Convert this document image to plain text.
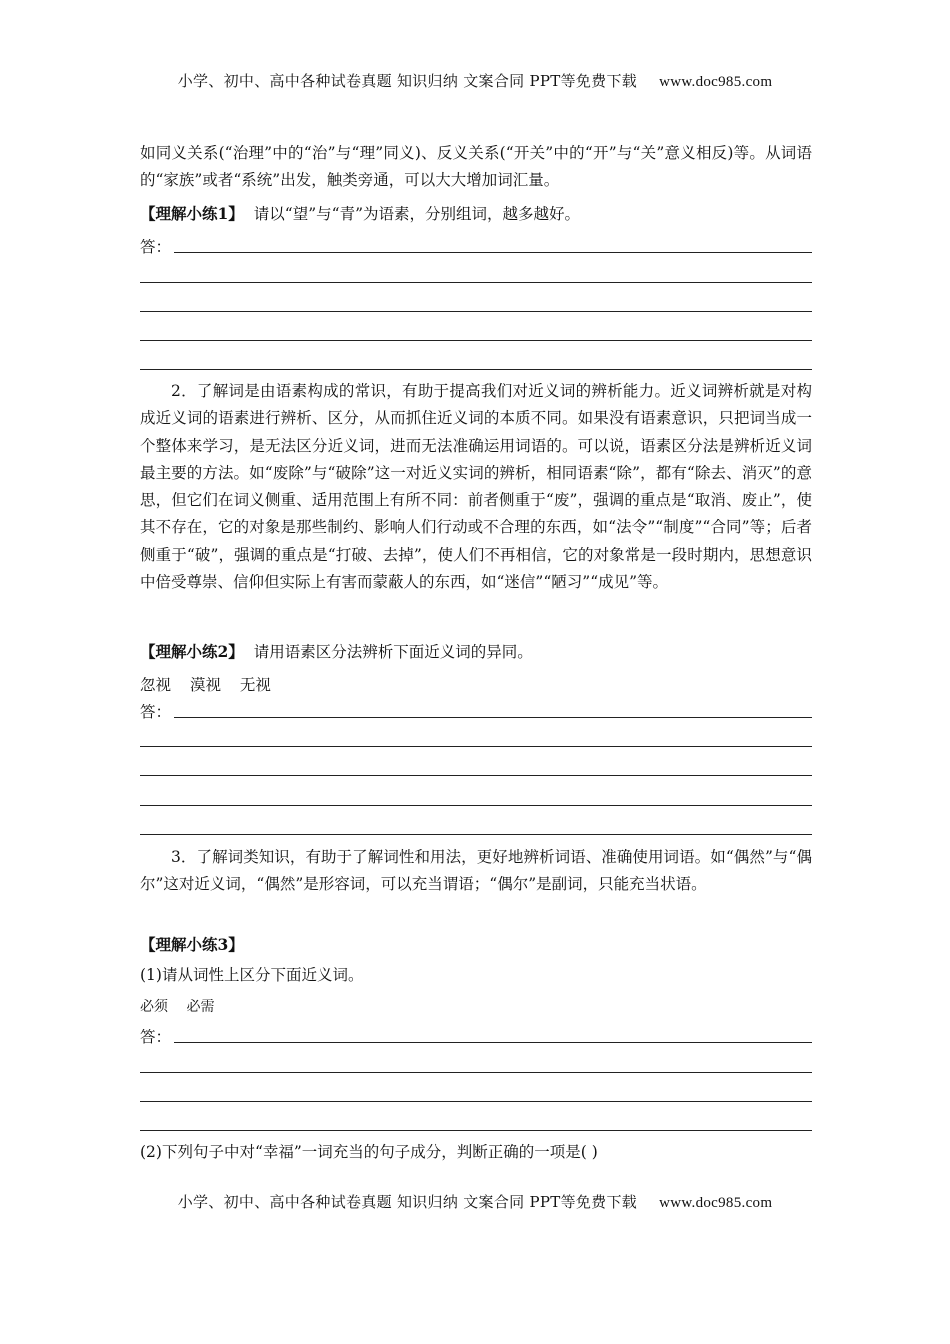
小学、初中、高中各种试卷真题 知识归纳 文案合同 PPT等免费下载 www.doc985.com
如同义关系(“治理”中的“治”与“理”同义)、反义关系(“开关”中的“开”与“关”意义相反)等。从词语的“家族”或者“系统”出发，触类旁通，可以大大增加词汇量。
【理解小练1】 请以“望”与“青”为语素，分别组词，越多越好。
答：
2．了解词是由语素构成的常识，有助于提高我们对近义词的辨析能力。近义词辨析就是对构成近义词的语素进行辨析、区分，从而抓住近义词的本质不同。如果没有语素意识，只把词当成一个整体来学习，是无法区分近义词，进而无法准确运用词语的。可以说，语素区分法是辨析近义词最主要的方法。如“废除”与“破除”这一对近义实词的辨析，相同语素“除”，都有“除去、消灭”的意思，但它们在词义侧重、适用范围上有所不同：前者侧重于“废”，强调的重点是“取消、废止”，使其不存在，它的对象是那些制约、影响人们行动或不合理的东西，如“法令”“制度”“合同”等；后者侧重于“破”，强调的重点是“打破、去掉”，使人们不再相信，它的对象常是一段时期内，思想意识中倍受尊崇、信仰但实际上有害而蒙蔽人的东西，如“迷信”“陋习”“成见”等。
【理解小练2】 请用语素区分法辨析下面近义词的异同。
忽视 漠视 无视
答：
3．了解词类知识，有助于了解词性和用法，更好地辨析词语、准确使用词语。如“偶然”与“偶尔”这对近义词，“偶然”是形容词，可以充当谓语；“偶尔”是副词，只能充当状语。
【理解小练3】
(1)请从词性上区分下面近义词。
必须 必需
答：
(2)下列句子中对“幸福”一词充当的句子成分，判断正确的一项是( )
小学、初中、高中各种试卷真题 知识归纳 文案合同 PPT等免费下载 www.doc985.com
